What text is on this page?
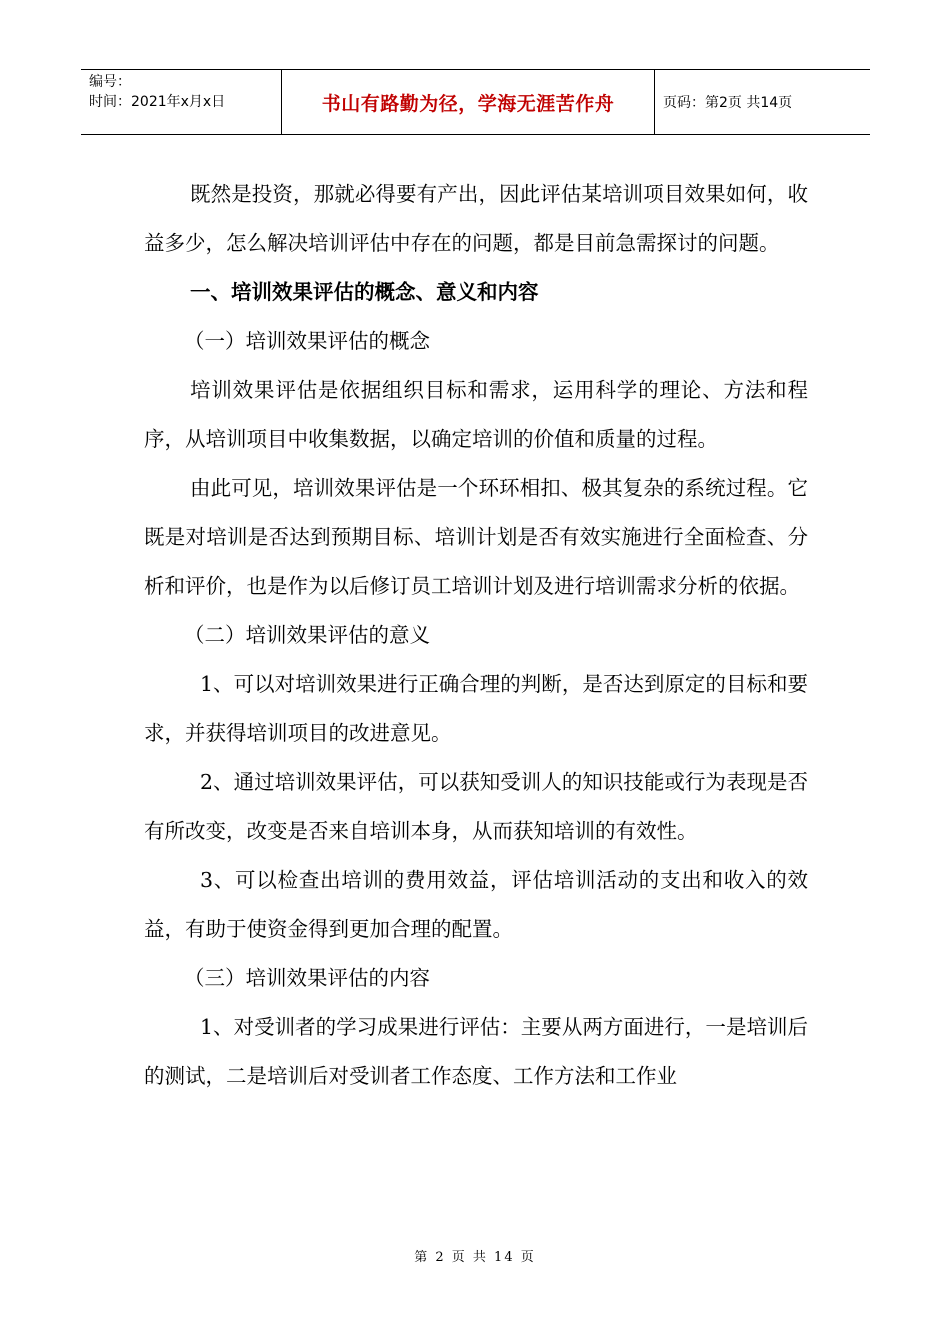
编号：
时间：2021年x月x日	书山有路勤为径，学海无涯苦作舟	页码：第2页 共14页

既然是投资，那就必得要有产出，因此评估某培训项目效果如何，收益多少，怎么解决培训评估中存在的问题，都是目前急需探讨的问题。

一、培训效果评估的概念、意义和内容

（一）培训效果评估的概念

培训效果评估是依据组织目标和需求，运用科学的理论、方法和程序，从培训项目中收集数据，以确定培训的价值和质量的过程。

由此可见，培训效果评估是一个环环相扣、极其复杂的系统过程。它既是对培训是否达到预期目标、培训计划是否有效实施进行全面检查、分析和评价，也是作为以后修订员工培训计划及进行培训需求分析的依据。

（二）培训效果评估的意义

1、可以对培训效果进行正确合理的判断，是否达到原定的目标和要求，并获得培训项目的改进意见。

2、通过培训效果评估，可以获知受训人的知识技能或行为表现是否有所改变，改变是否来自培训本身，从而获知培训的有效性。

3、可以检查出培训的费用效益，评估培训活动的支出和收入的效益，有助于使资金得到更加合理的配置。

（三）培训效果评估的内容

1、对受训者的学习成果进行评估：主要从两方面进行，一是培训后的测试，二是培训后对受训者工作态度、工作方法和工作业

第 2 页 共 14 页
